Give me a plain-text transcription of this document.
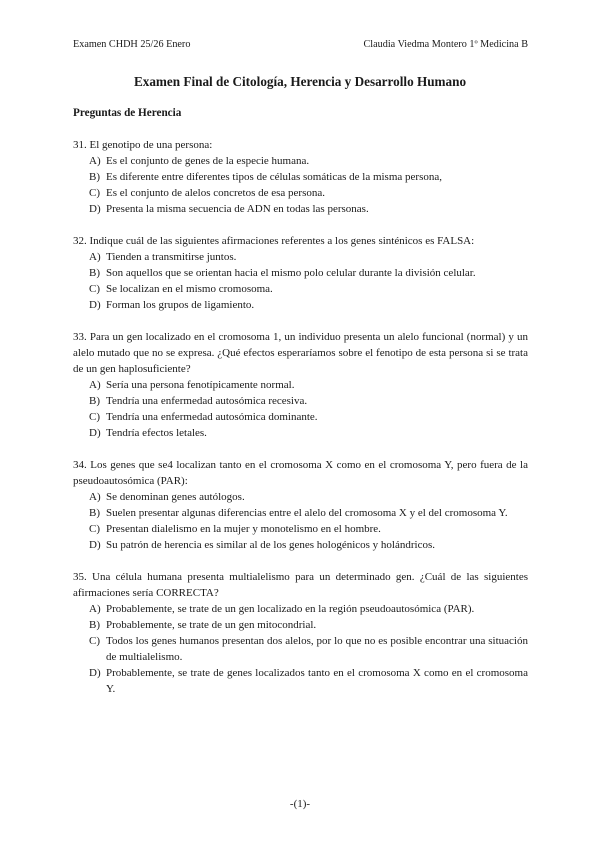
Examen CHDH 25/26 Enero	Claudia Viedma Montero 1º Medicina B
Examen Final de Citología, Herencia y Desarrollo Humano
Preguntas de Herencia
31. El genotipo de una persona:
A) Es el conjunto de genes de la especie humana.
B) Es diferente entre diferentes tipos de células somáticas de la misma persona,
C) Es el conjunto de alelos concretos de esa persona.
D) Presenta la misma secuencia de ADN en todas las personas.
32. Indique cuál de las siguientes afirmaciones referentes a los genes sinténicos es FALSA:
A) Tienden a transmitirse juntos.
B) Son aquellos que se orientan hacia el mismo polo celular durante la división celular.
C) Se localizan en el mismo cromosoma.
D) Forman los grupos de ligamiento.
33. Para un gen localizado en el cromosoma 1, un individuo presenta un alelo funcional (normal) y un alelo mutado que no se expresa. ¿Qué efectos esperaríamos sobre el fenotipo de esta persona si se trata de un gen haplosuficiente?
A) Sería una persona fenotípicamente normal.
B) Tendría una enfermedad autosómica recesiva.
C) Tendría una enfermedad autosómica dominante.
D) Tendría efectos letales.
34. Los genes que se4 localizan tanto en el cromosoma X como en el cromosoma Y, pero fuera de la pseudoautosómica (PAR):
A) Se denominan genes autólogos.
B) Suelen presentar algunas diferencias entre el alelo del cromosoma X y el del cromosoma Y.
C) Presentan dialelismo en la mujer y monotelismo en el hombre.
D) Su patrón de herencia es similar al de los genes hologénicos y holándricos.
35. Una célula humana presenta multialelismo para un determinado gen. ¿Cuál de las siguientes afirmaciones sería CORRECTA?
A) Probablemente, se trate de un gen localizado en la región pseudoautosómica (PAR).
B) Probablemente, se trate de un gen mitocondrial.
C) Todos los genes humanos presentan dos alelos, por lo que no es posible encontrar una situación de multialelismo.
D) Probablemente, se trate de genes localizados tanto en el cromosoma X como en el cromosoma Y.
-(1)-
